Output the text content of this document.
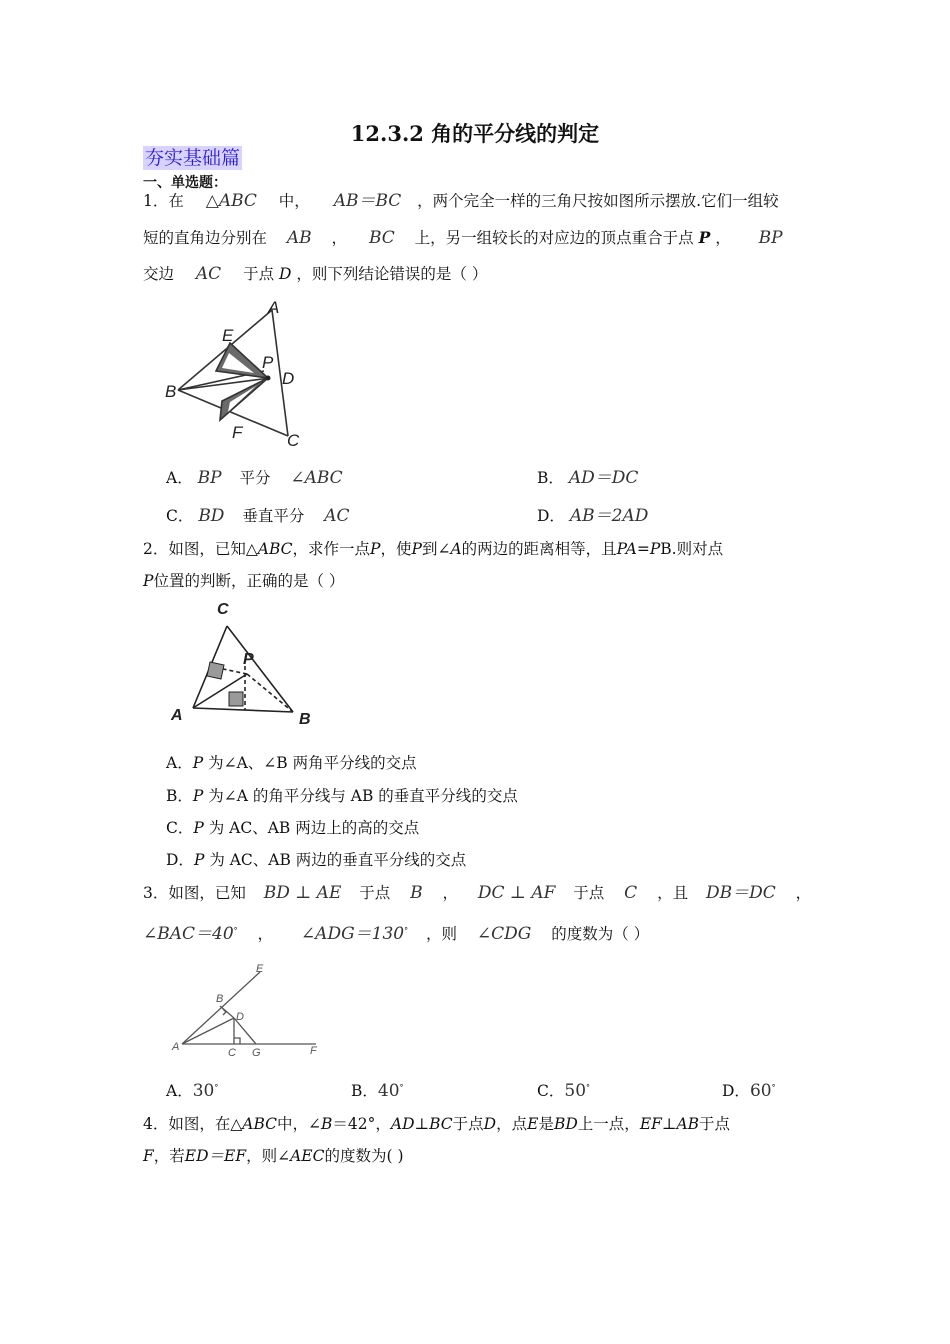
12.3.2 角的平分线的判定
夯实基础篇
一、单选题：
1．在 △ABC 中， AB＝BC ，两个完全一样的三角尺按如图所示摆放.它们一组较
短的直角边分别在 AB ， BC 上，另一组较长的对应边的顶点重合于点 P ， BP
交边 AC 于点 D ，则下列结论错误的是（ ）
A
E
P
D
B
F	C
A． BP 平分 ∠ABC	B． AD＝DC
C． BD 垂直平分 AC	D． AB＝2AD
2．如图，已知△ABC，求作一点P，使P到∠A的两边的距离相等，且PA=PB.则对点
P位置的判断，正确的是（ ）
C
P
A	B
A．P 为∠A、∠B 两角平分线的交点
B．P 为∠A 的角平分线与 AB 的垂直平分线的交点
C．P 为 AC、AB 两边上的高的交点
D．P 为 AC、AB 两边的垂直平分线的交点
3．如图，已知 BD ⊥ AE 于点 B ， DC ⊥ AF 于点 C ，且 DB＝DC ，
∠BAC＝40° ， ∠ADG＝130° ，则 ∠CDG 的度数为（ ）
E
B
D
A	C G	F
A．30°	B．40°	C．50°	D．60°
4．如图，在△ABC中，∠B＝42°，AD⊥BC于点D，点E是BD上一点，EF⊥AB于点
F，若ED＝EF，则∠AEC的度数为( )
